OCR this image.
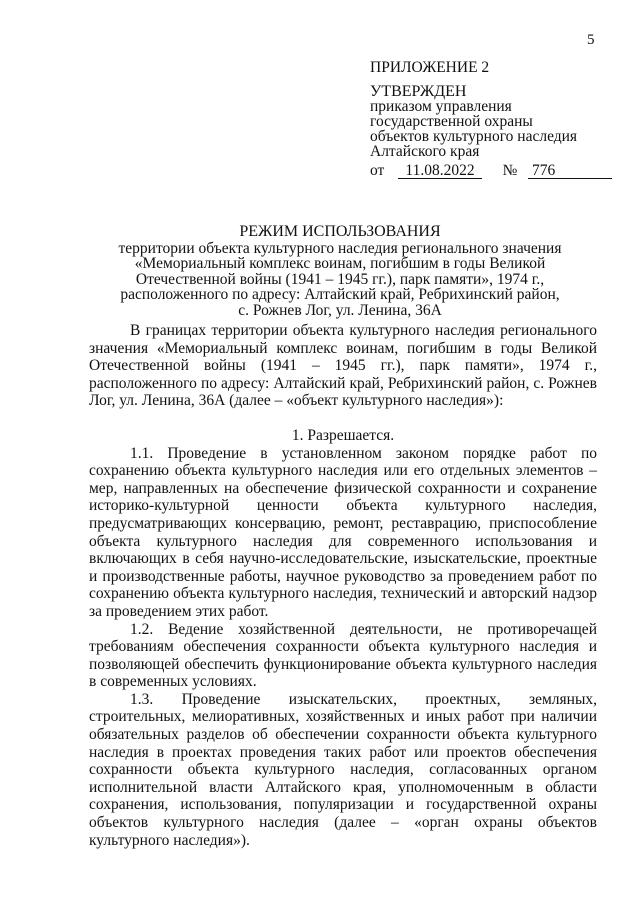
5
ПРИЛОЖЕНИЕ 2
УТВЕРЖДЕН
приказом управления
государственной охраны
объектов культурного наследия
Алтайского края
от 11.08.2022 № 776
РЕЖИМ ИСПОЛЬЗОВАНИЯ
территории объекта культурного наследия регионального значения
«Мемориальный комплекс воинам, погибшим в годы Великой
Отечественной войны (1941 – 1945 гг.), парк памяти», 1974 г.,
расположенного по адресу: Алтайский край, Ребрихинский район,
с. Рожнев Лог, ул. Ленина, 36А

В границах территории объекта культурного наследия регионального значения «Мемориальный комплекс воинам, погибшим в годы Великой Отечественной войны (1941 – 1945 гг.), парк памяти», 1974 г., расположенного по адресу: Алтайский край, Ребрихинский район, с. Рожнев Лог, ул. Ленина, 36А (далее – «объект культурного наследия»):

1. Разрешается.

1.1. Проведение в установленном законом порядке работ по сохранению объекта культурного наследия или его отдельных элементов – мер, направленных на обеспечение физической сохранности и сохранение историко-культурной ценности объекта культурного наследия, предусматривающих консервацию, ремонт, реставрацию, приспособление объекта культурного наследия для современного использования и включающих в себя научно-исследовательские, изыскательские, проектные и производственные работы, научное руководство за проведением работ по сохранению объекта культурного наследия, технический и авторский надзор за проведением этих работ.

1.2. Ведение хозяйственной деятельности, не противоречащей требованиям обеспечения сохранности объекта культурного наследия и позволяющей обеспечить функционирование объекта культурного наследия в современных условиях.

1.3. Проведение изыскательских, проектных, земляных, строительных, мелиоративных, хозяйственных и иных работ при наличии обязательных разделов об обеспечении сохранности объекта культурного наследия в проектах проведения таких работ или проектов обеспечения сохранности объекта культурного наследия, согласованных органом исполнительной власти Алтайского края, уполномоченным в области сохранения, использования, популяризации и государственной охраны объектов культурного наследия (далее – «орган охраны объектов культурного наследия»).
